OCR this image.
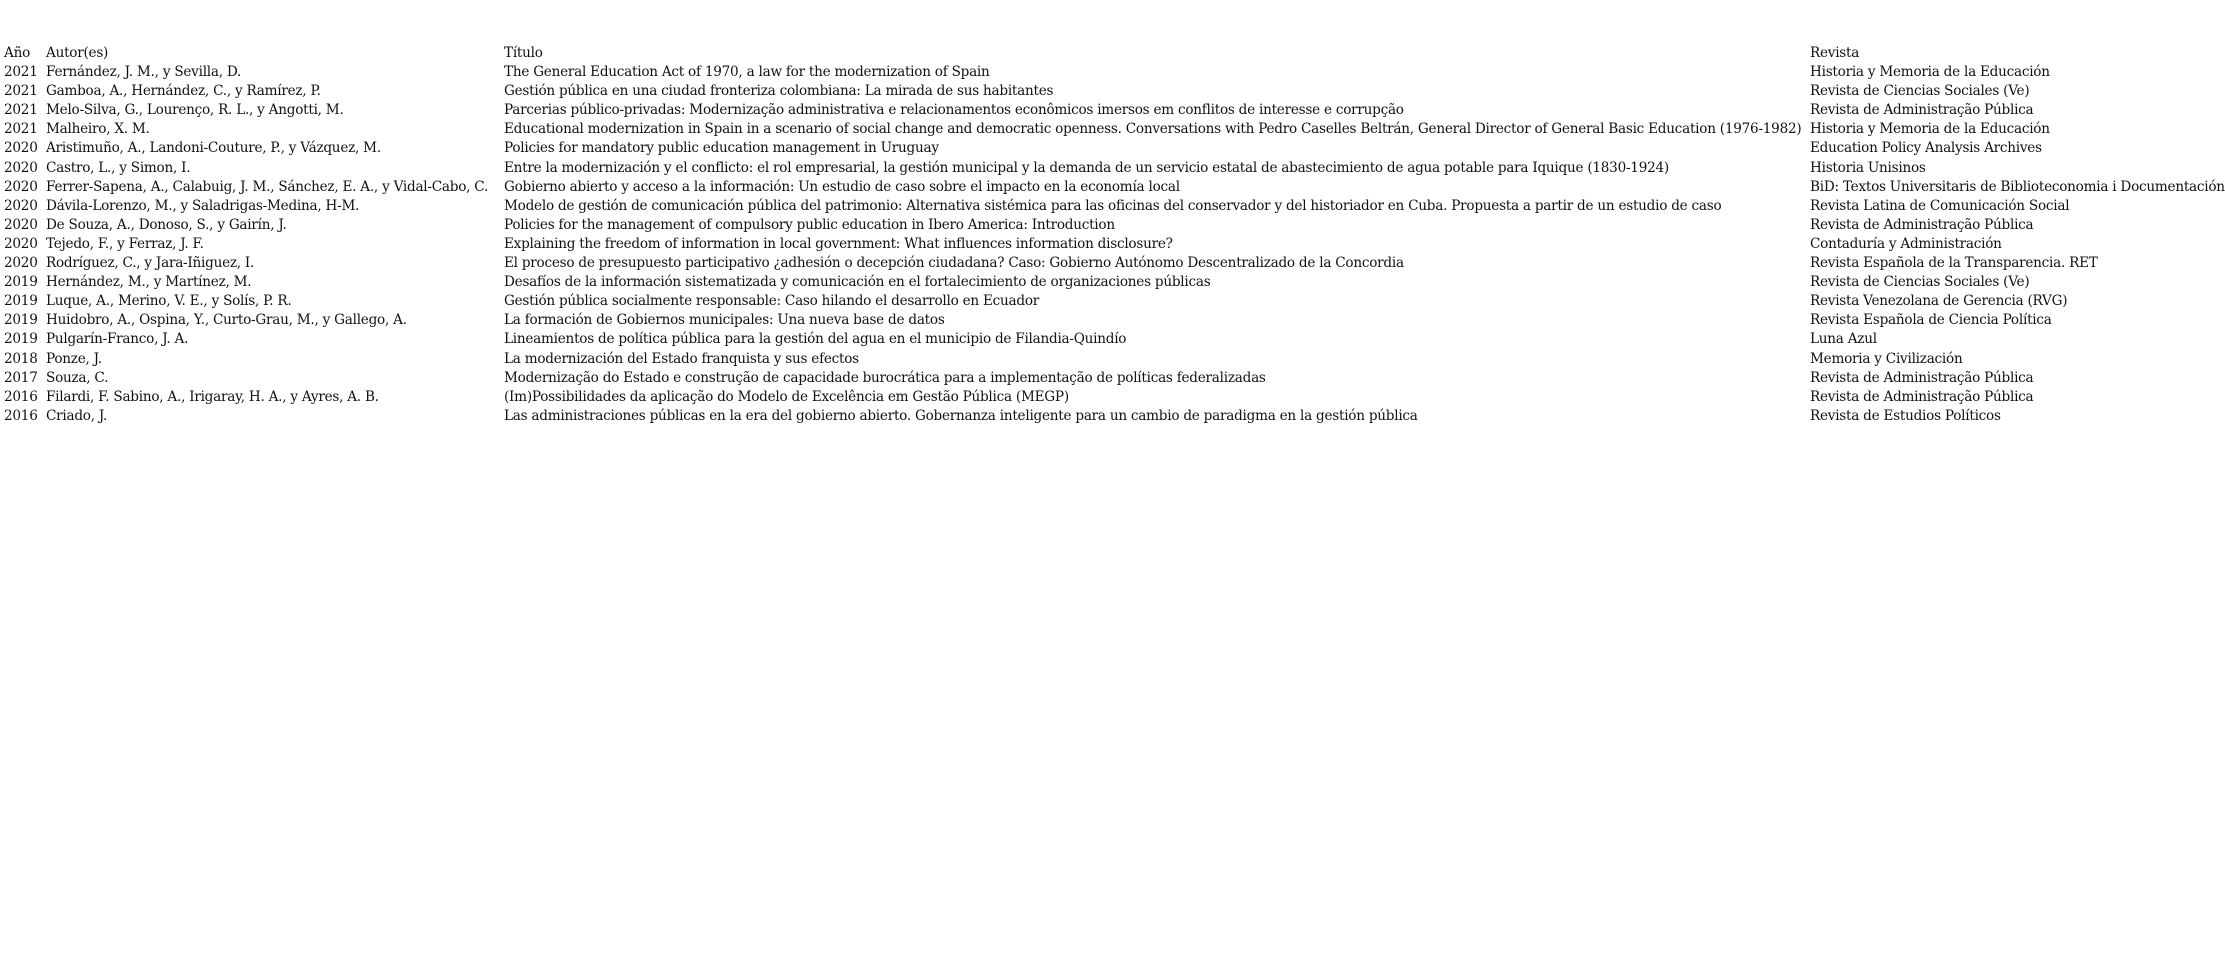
Año	Autor(es)	Título	Revista
2021	Fernández, J. M., y Sevilla, D.	The General Education Act of 1970, a law for the modernization of Spain	Historia y Memoria de la Educación
2021	Gamboa, A., Hernández, C., y Ramírez, P.	Gestión pública en una ciudad fronteriza colombiana: La mirada de sus habitantes	Revista de Ciencias Sociales (Ve)
2021	Melo-Silva, G., Lourenço, R. L., y Angotti, M.	Parcerias público-privadas: Modernização administrativa e relacionamentos econômicos imersos em conflitos de interesse e corrupção	Revista de Administração Pública
2021	Malheiro, X. M.	Educational modernization in Spain in a scenario of social change and democratic openness. Conversations with Pedro Caselles Beltrán, General Director of General Basic Education (1976-1982)	Historia y Memoria de la Educación
2020	Aristimuño, A., Landoni-Couture, P., y Vázquez, M.	Policies for mandatory public education management in Uruguay	Education Policy Analysis Archives
2020	Castro, L., y Simon, I.	Entre la modernización y el conflicto: el rol empresarial, la gestión municipal y la demanda de un servicio estatal de abastecimiento de agua potable para Iquique (1830-1924)	Historia Unisinos
2020	Ferrer-Sapena, A., Calabuig, J. M., Sánchez, E. A., y Vidal-Cabo, C.	Gobierno abierto y acceso a la información: Un estudio de caso sobre el impacto en la economía local	BiD: Textos Universitaris de Biblioteconomia i Documentación
2020	Dávila-Lorenzo, M., y Saladrigas-Medina, H-M.	Modelo de gestión de comunicación pública del patrimonio: Alternativa sistémica para las oficinas del conservador y del historiador en Cuba. Propuesta a partir de un estudio de caso	Revista Latina de Comunicación Social
2020	De Souza, A., Donoso, S., y Gairín, J.	Policies for the management of compulsory public education in Ibero America: Introduction	Revista de Administração Pública
2020	Tejedo, F., y Ferraz, J. F.	Explaining the freedom of information in local government: What influences information disclosure?	Contaduría y Administración
2020	Rodríguez, C., y Jara-Iñiguez, I.	El proceso de presupuesto participativo ¿adhesión o decepción ciudadana? Caso: Gobierno Autónomo Descentralizado de la Concordia	Revista Española de la Transparencia. RET
2019	Hernández, M., y Martínez, M.	Desafíos de la información sistematizada y comunicación en el fortalecimiento de organizaciones públicas	Revista de Ciencias Sociales (Ve)
2019	Luque, A., Merino, V. E., y Solís, P. R.	Gestión pública socialmente responsable: Caso hilando el desarrollo en Ecuador	Revista Venezolana de Gerencia (RVG)
2019	Huidobro, A., Ospina, Y., Curto-Grau, M., y Gallego, A.	La formación de Gobiernos municipales: Una nueva base de datos	Revista Española de Ciencia Política
2019	Pulgarín-Franco, J. A.	Lineamientos de política pública para la gestión del agua en el municipio de Filandia-Quindío	Luna Azul
2018	Ponze, J.	La modernización del Estado franquista y sus efectos	Memoria y Civilización
2017	Souza, C.	Modernização do Estado e construção de capacidade burocrática para a implementação de políticas federalizadas	Revista de Administração Pública
2016	Filardi, F. Sabino, A., Irigaray, H. A., y Ayres, A. B.	(Im)Possibilidades da aplicação do Modelo de Excelência em Gestão Pública (MEGP)	Revista de Administração Pública
2016	Criado, J.	Las administraciones públicas en la era del gobierno abierto. Gobernanza inteligente para un cambio de paradigma en la gestión pública	Revista de Estudios Políticos
